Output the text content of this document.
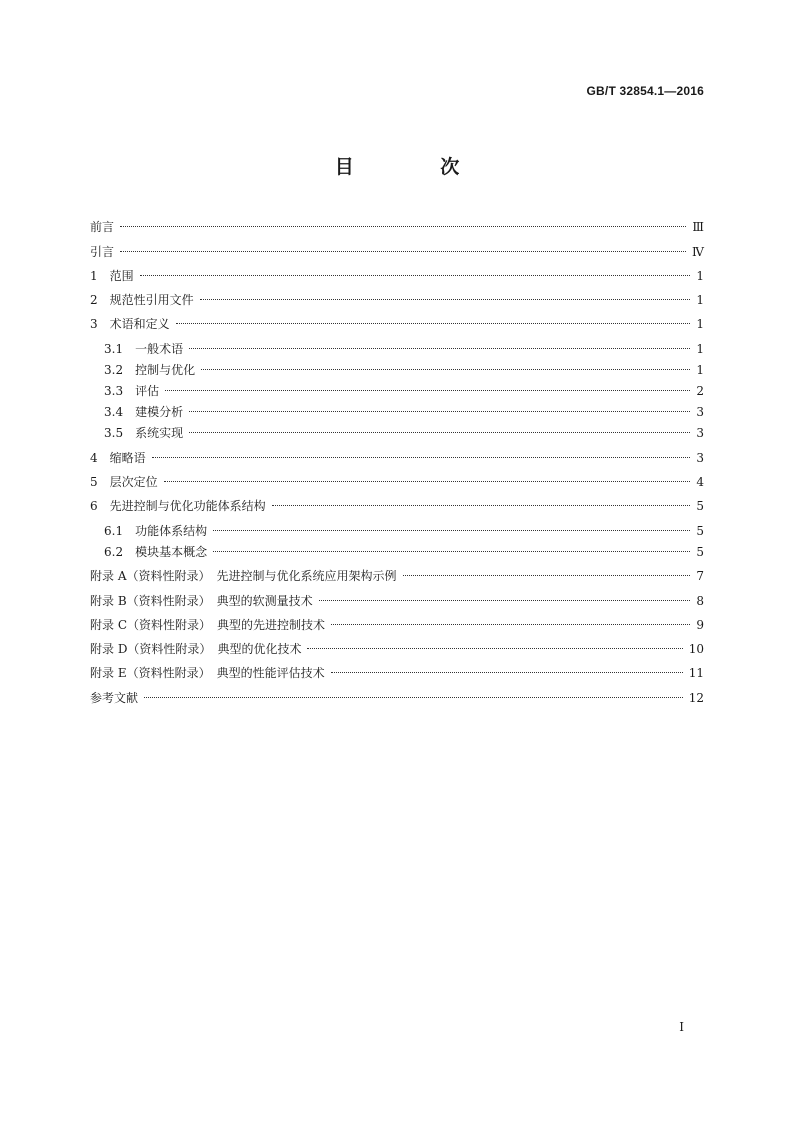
GB/T 32854.1—2016
目 次
前言	Ⅲ
引言	Ⅳ
1 范围	1
2 规范性引用文件	1
3 术语和定义	1
3.1 一般术语	1
3.2 控制与优化	1
3.3 评估	2
3.4 建模分析	3
3.5 系统实现	3
4 缩略语	3
5 层次定位	4
6 先进控制与优化功能体系结构	5
6.1 功能体系结构	5
6.2 模块基本概念	5
附录 A（资料性附录） 先进控制与优化系统应用架构示例	7
附录 B（资料性附录） 典型的软测量技术	8
附录 C（资料性附录） 典型的先进控制技术	9
附录 D（资料性附录） 典型的优化技术	10
附录 E（资料性附录） 典型的性能评估技术	11
参考文献	12
Ⅰ
